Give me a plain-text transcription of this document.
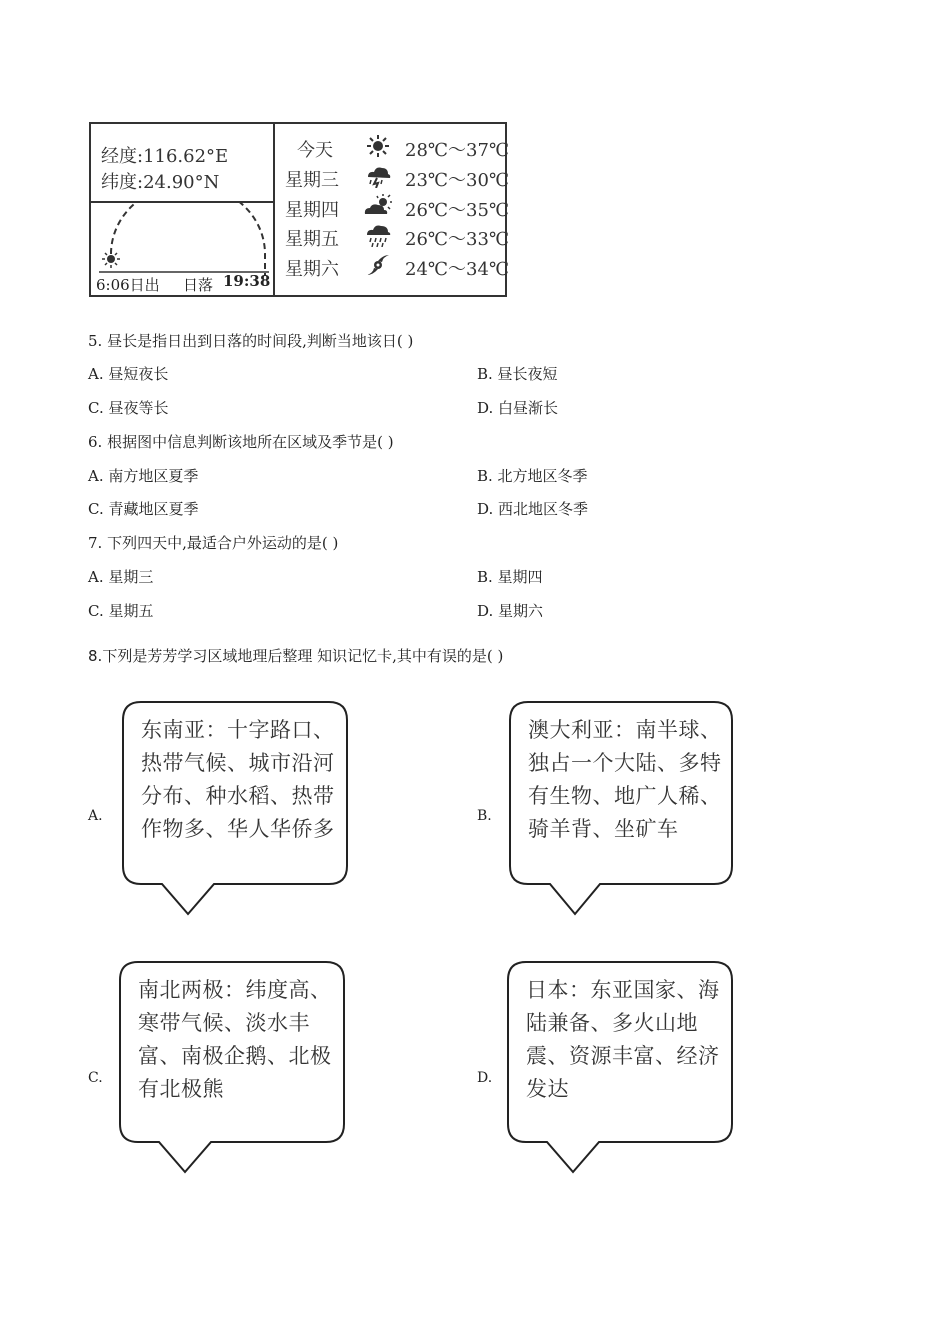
经度:116.62°E
纬度:24.90°N
6:06日出 日落 19:38
今天	28℃～37℃
星期三	23℃～30℃
星期四	26℃～35℃
星期五	26℃～33℃
星期六	24℃～34℃
5. 昼长是指日出到日落的时间段,判断当地该日( )
A. 昼短夜长	B. 昼长夜短
C. 昼夜等长	D. 白昼渐长
6. 根据图中信息判断该地所在区域及季节是( )
A. 南方地区夏季	B. 北方地区冬季
C. 青藏地区夏季	D. 西北地区冬季
7. 下列四天中,最适合户外运动的是( )
A. 星期三	B. 星期四
C. 星期五	D. 星期六
8.下列是芳芳学习区域地理后整理 知识记忆卡,其中有误的是( )
A.
东南亚：十字路口、热带气候、城市沿河分布、种水稻、热带作物多、华人华侨多
B.
澳大利亚：南半球、独占一个大陆、多特有生物、地广人稀、骑羊背、坐矿车
C.
南北两极：纬度高、寒带气候、淡水丰富、南极企鹅、北极有北极熊	D.
日本：东亚国家、海陆兼备、多火山地震、资源丰富、经济发达
